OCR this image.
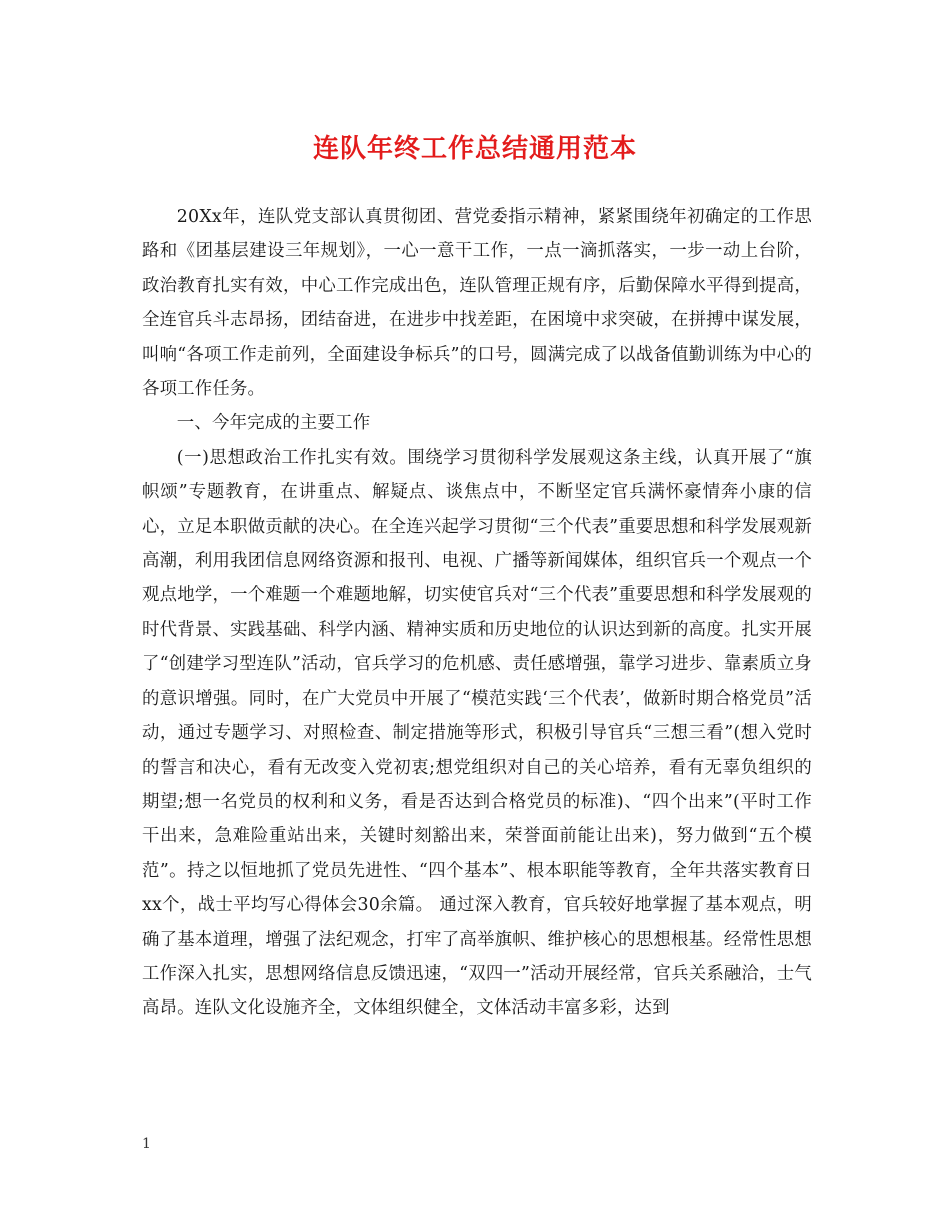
连队年终工作总结通用范本

20Xx年，连队党支部认真贯彻团、营党委指示精神，紧紧围绕年初确定的工作思路和《团基层建设三年规划》，一心一意干工作，一点一滴抓落实，一步一动上台阶，政治教育扎实有效，中心工作完成出色，连队管理正规有序，后勤保障水平得到提高，全连官兵斗志昂扬，团结奋进，在进步中找差距，在困境中求突破，在拼搏中谋发展，叫响“各项工作走前列，全面建设争标兵”的口号，圆满完成了以战备值勤训练为中心的各项工作任务。

一、今年完成的主要工作

(一)思想政治工作扎实有效。围绕学习贯彻科学发展观这条主线，认真开展了“旗帜颂”专题教育，在讲重点、解疑点、谈焦点中，不断坚定官兵满怀豪情奔小康的信心，立足本职做贡献的决心。在全连兴起学习贯彻“三个代表”重要思想和科学发展观新高潮，利用我团信息网络资源和报刊、电视、广播等新闻媒体，组织官兵一个观点一个观点地学，一个难题一个难题地解，切实使官兵对“三个代表”重要思想和科学发展观的时代背景、实践基础、科学内涵、精神实质和历史地位的认识达到新的高度。扎实开展了“创建学习型连队”活动，官兵学习的危机感、责任感增强，靠学习进步、靠素质立身的意识增强。同时，在广大党员中开展了“模范实践‘三个代表’，做新时期合格党员”活动，通过专题学习、对照检查、制定措施等形式，积极引导官兵“三想三看”(想入党时的誓言和决心，看有无改变入党初衷;想党组织对自己的关心培养，看有无辜负组织的期望;想一名党员的权利和义务，看是否达到合格党员的标准)、“四个出来”(平时工作干出来，急难险重站出来，关键时刻豁出来，荣誉面前能让出来)，努力做到“五个模范”。持之以恒地抓了党员先进性、“四个基本”、根本职能等教育，全年共落实教育日xx个，战士平均写心得体会30余篇。 通过深入教育，官兵较好地掌握了基本观点，明确了基本道理，增强了法纪观念，打牢了高举旗帜、维护核心的思想根基。经常性思想工作深入扎实，思想网络信息反馈迅速，“双四一”活动开展经常，官兵关系融洽，士气高昂。连队文化设施齐全，文体组织健全，文体活动丰富多彩，达到

1
